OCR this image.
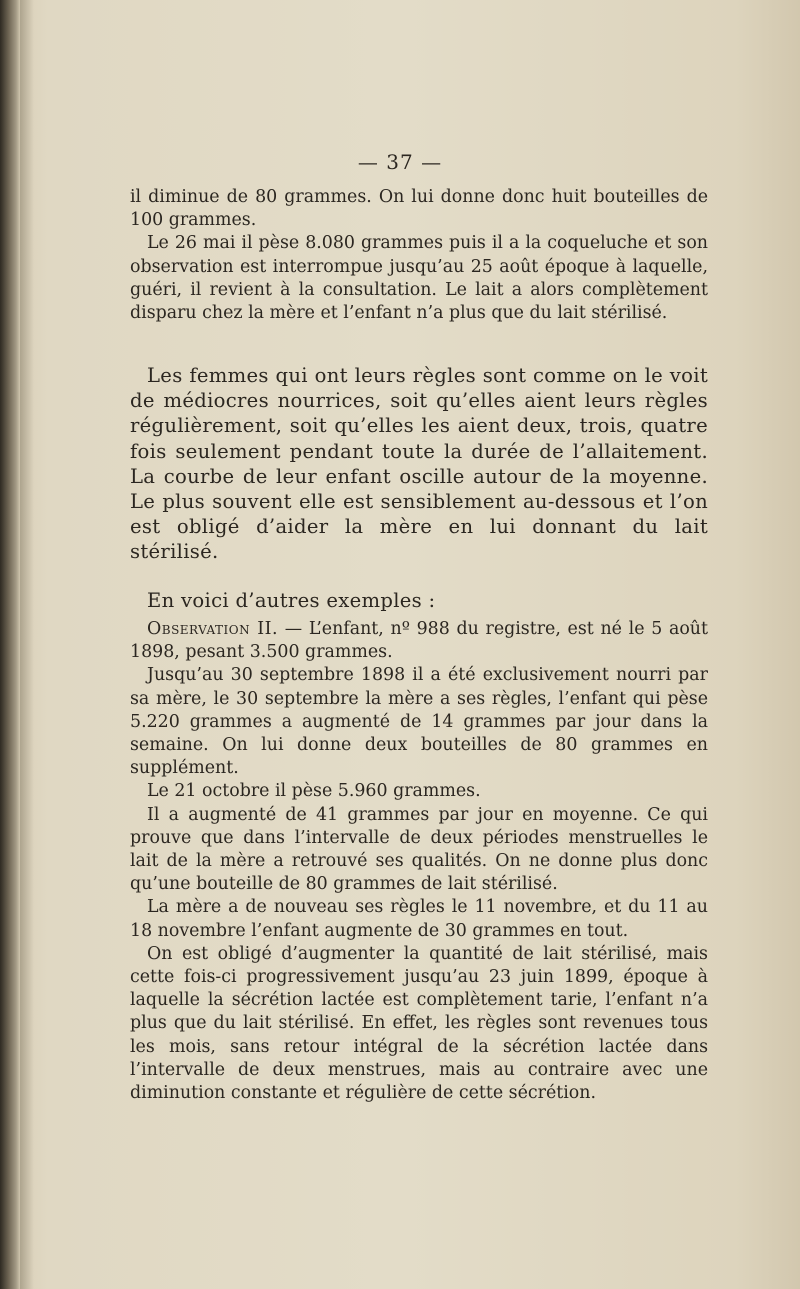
— 37 —

il diminue de 80 grammes. On lui donne donc huit bouteilles de 100 grammes.

Le 26 mai il pèse 8.080 grammes puis il a la coqueluche et son observation est interrompue jusqu’au 25 août époque à laquelle, guéri, il revient à la consultation. Le lait a alors complètement disparu chez la mère et l’enfant n’a plus que du lait stérilisé.

Les femmes qui ont leurs règles sont comme on le voit de médiocres nourrices, soit qu’elles aient leurs règles régulièrement, soit qu’elles les aient deux, trois, quatre fois seulement pendant toute la durée de l’allaitement. La courbe de leur enfant oscille autour de la moyenne. Le plus souvent elle est sensiblement au-dessous et l’on est obligé d’aider la mère en lui donnant du lait stérilisé.

En voici d’autres exemples :

Observation II. — L’enfant, nº 988 du registre, est né le 5 août 1898, pesant 3.500 grammes.

Jusqu’au 30 septembre 1898 il a été exclusivement nourri par sa mère, le 30 septembre la mère a ses règles, l’enfant qui pèse 5.220 grammes a augmenté de 14 grammes par jour dans la semaine. On lui donne deux bouteilles de 80 grammes en supplément.

Le 21 octobre il pèse 5.960 grammes.

Il a augmenté de 41 grammes par jour en moyenne. Ce qui prouve que dans l’intervalle de deux périodes menstruelles le lait de la mère a retrouvé ses qualités. On ne donne plus donc qu’une bouteille de 80 grammes de lait stérilisé.

La mère a de nouveau ses règles le 11 novembre, et du 11 au 18 novembre l’enfant augmente de 30 grammes en tout.

On est obligé d’augmenter la quantité de lait stérilisé, mais cette fois-ci progressivement jusqu’au 23 juin 1899, époque à laquelle la sécrétion lactée est complètement tarie, l’enfant n’a plus que du lait stérilisé. En effet, les règles sont revenues tous les mois, sans retour intégral de la sécrétion lactée dans l’intervalle de deux menstrues, mais au contraire avec une diminution constante et régulière de cette sécrétion.
